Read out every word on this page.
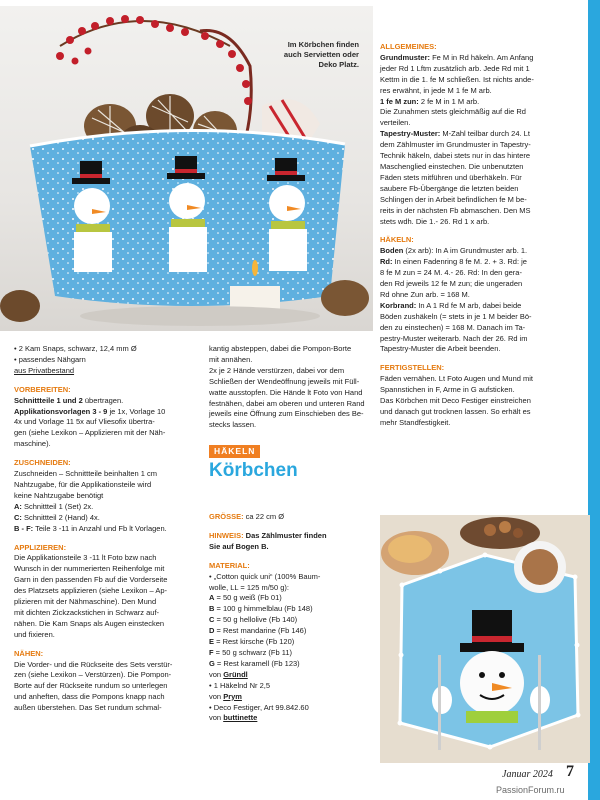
Im Körbchen finden
auch Servietten oder
Deko Platz.

ALLGEMEINES:

Grundmuster: Fe M in Rd häkeln. Am Anfang

jeder Rd 1 Lftm zusätzlich arb. Jede Rd mit 1

Kettm in die 1. fe M schließen. Ist nichts ande-

res erwähnt, in jede M 1 fe M arb.

1 fe M zun: 2 fe M in 1 M arb.

Die Zunahmen stets gleichmäßig auf die Rd

verteilen.

Tapestry-Muster: M-Zahl teilbar durch 24. Lt

dem Zählmuster im Grundmuster in Tapestry-

Technik häkeln, dabei stets nur in das hintere

Maschenglied einstechen. Die unbenutzten

Fäden stets mitführen und überhäkeln. Für

saubere Fb-Übergänge die letzten beiden

Schlingen der in Arbeit befindlichen fe M be-

reits in der nächsten Fb abmaschen. Den MS

stets wdh. Die 1.- 26. Rd 1 x arb.

HÄKELN:

Boden (2x arb): In A im Grundmuster arb. 1.

Rd: In einen Fadenring 8 fe M. 2. + 3. Rd: je

8 fe M zun = 24 M. 4.- 26. Rd: In den gera-

den Rd jeweils 12 fe M zun; die ungeraden

Rd ohne Zun arb. = 168 M.

Korbrand: In A 1 Rd fe M arb, dabei beide

Böden zushäkeln (= stets in je 1 M beider Bö-

den zu einstechen) = 168 M. Danach im Ta-

pestry-Muster weiterarb. Nach der 26. Rd im

Tapestry-Muster die Arbeit beenden.

FERTIGSTELLEN:

Fäden vernähen. Lt Foto Augen und Mund mit

Spannstichen in F, Arme in G aufsticken.

Das Körbchen mit Deco Festiger einstreichen

und danach gut trocknen lassen. So erhält es

mehr Standfestigkeit.

• 2 Kam Snaps, schwarz, 12,4 mm Ø

• passendes Nähgarn

aus Privatbestand

VORBEREITEN:

Schnittteile 1 und 2 übertragen.

Applikationsvorlagen 3 - 9 je 1x, Vorlage 10

4x und Vorlage 11 5x auf Vliesofix übertra-

gen (siehe Lexikon – Applizieren mit der Näh-

maschine).

ZUSCHNEIDEN:

Zuschneiden – Schnittteile beinhalten 1 cm

Nahtzugabe, für die Applikationsteile wird

keine Nahtzugabe benötigt

A: Schnittteil 1 (Set) 2x.

C: Schnittteil 2 (Hand) 4x.

B - F: Teile 3 -11 in Anzahl und Fb lt Vorlagen.

APPLIZIEREN:

Die Applikationsteile 3 -11 lt Foto bzw nach

Wunsch in der nummerierten Reihenfolge mit

Garn in den passenden Fb auf die Vorderseite

des Platzsets applizieren (siehe Lexikon – Ap-

plizieren mit der Nähmaschine). Den Mund

mit dichten Zickzackstichen in Schwarz auf-

nähen. Die Kam Snaps als Augen einstecken

und fixieren.

NÄHEN:

Die Vorder- und die Rückseite des Sets verstür-

zen (siehe Lexikon – Verstürzen). Die Pompon-

Borte auf der Rückseite rundum so unterlegen

und anheften, dass die Pompons knapp nach

außen überstehen. Das Set rundum schmal-

kantig absteppen, dabei die Pompon-Borte

mit annähen.

2x je 2 Hände verstürzen, dabei vor dem

Schließen der Wendeöffnung jeweils mit Füll-

watte ausstopfen. Die Hände lt Foto von Hand

festnähen, dabei am oberen und unteren Rand

jeweils eine Öffnung zum Einschieben des Be-

stecks lassen.

HÄKELN
Körbchen

GRÖSSE: ca 22 cm Ø

HINWEIS: Das Zählmuster finden

Sie auf Bogen B.

MATERIAL:

• „Cotton quick uni“ (100% Baum-

wolle, LL = 125 m/50 g):

A = 50 g weiß (Fb 01)

B = 100 g himmelblau (Fb 148)

C = 50 g hellolive (Fb 140)

D = Rest mandarine (Fb 146)

E = Rest kirsche (Fb 120)

F = 50 g schwarz (Fb 11)

G = Rest karamell (Fb 123)

von Gründl

• 1 Häkelnd Nr 2,5

von Prym

• Deco Festiger, Art 99.842.60

von buttinette

Januar 2024 7
PassionForum.ru
